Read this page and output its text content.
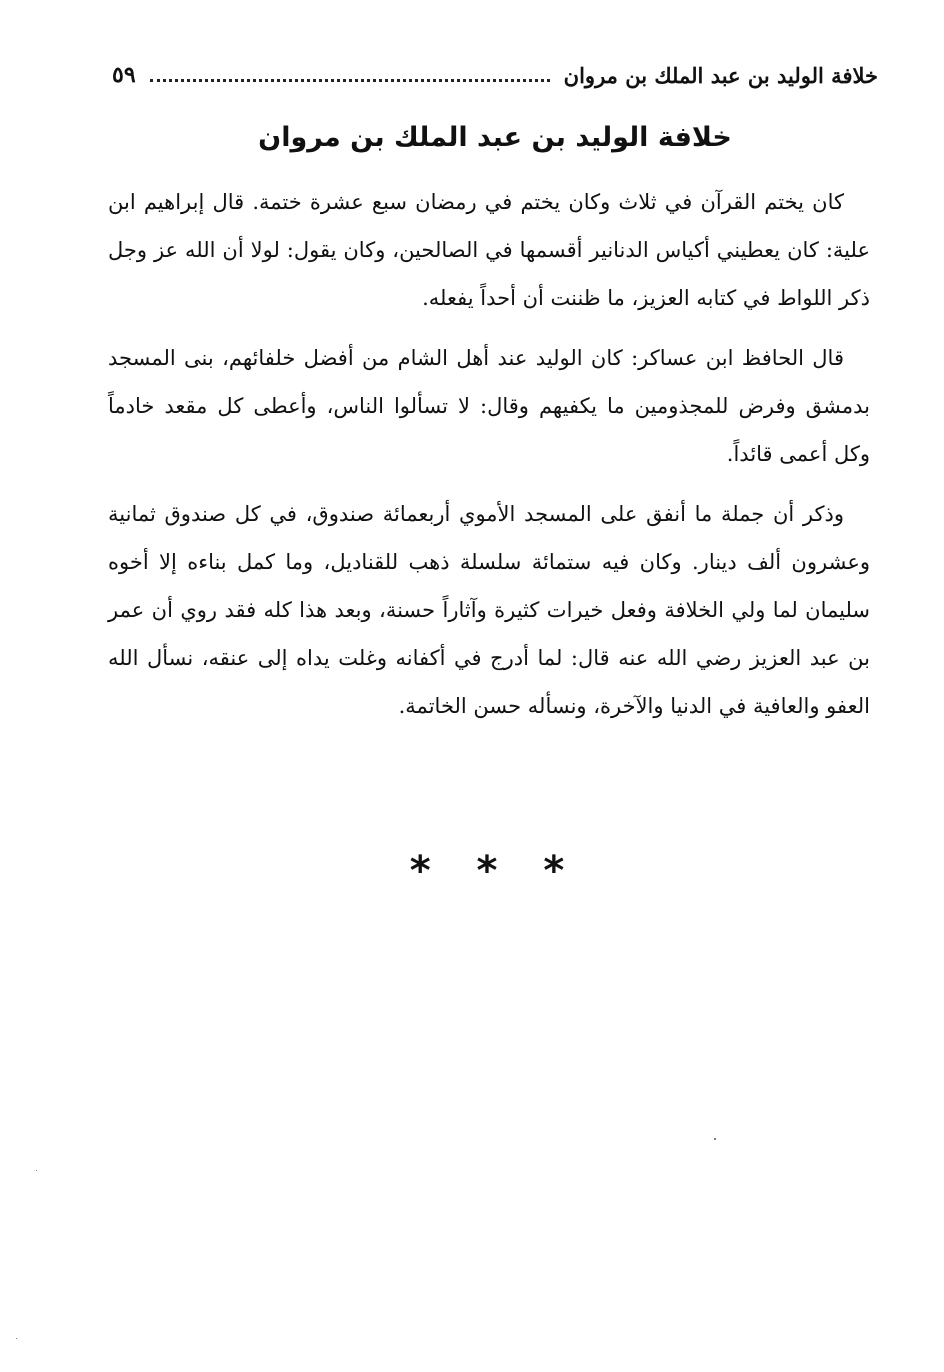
خلافة الوليد بن عبد الملك بن مروان
٥٩
خلافة الوليد بن عبد الملك بن مروان

كان يختم القرآن في ثلاث وكان يختم في رمضان سبع عشرة ختمة. قال إبراهيم ابن علية: كان يعطيني أكياس الدنانير أقسمها في الصالحين، وكان يقول: لولا أن الله عز وجل ذكر اللواط في كتابه العزيز، ما ظننت أن أحداً يفعله.

قال الحافظ ابن عساكر: كان الوليد عند أهل الشام من أفضل خلفائهم، بنى المسجد بدمشق وفرض للمجذومين ما يكفيهم وقال: لا تسألوا الناس، وأعطى كل مقعد خادماً وكل أعمى قائداً.

وذكر أن جملة ما أنفق على المسجد الأموي أربعمائة صندوق، في كل صندوق ثمانية وعشرون ألف دينار. وكان فيه ستمائة سلسلة ذهب للقناديل، وما كمل بناءه إلا أخوه سليمان لما ولي الخلافة وفعل خيرات كثيرة وآثاراً حسنة، وبعد هذا كله فقد روي أن عمر بن عبد العزيز رضي الله عنه قال: لما أدرج في أكفانه وغلت يداه إلى عنقه، نسأل الله العفو والعافية في الدنيا والآخرة، ونسأله حسن الخاتمة.

* * *
